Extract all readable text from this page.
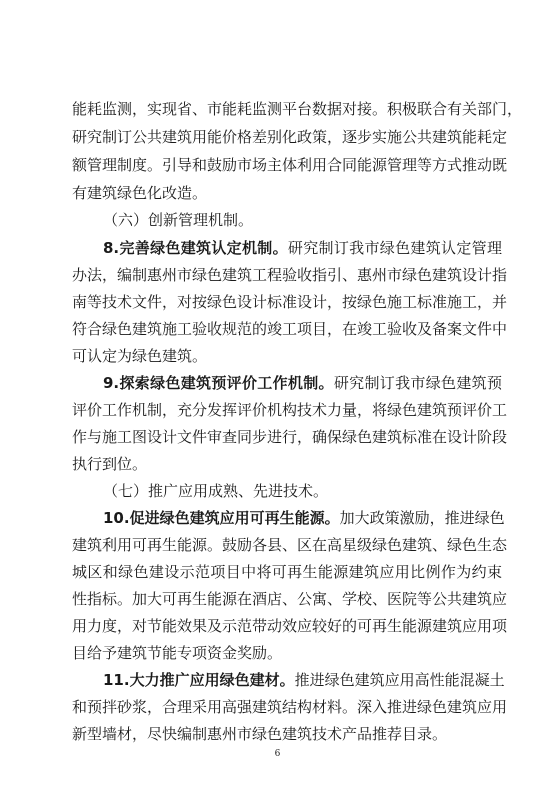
能耗监测，实现省、市能耗监测平台数据对接。积极联合有关部门，
研究制订公共建筑用能价格差别化政策，逐步实施公共建筑能耗定
额管理制度。引导和鼓励市场主体利用合同能源管理等方式推动既
有建筑绿色化改造。
（六）创新管理机制。
8.完善绿色建筑认定机制。研究制订我市绿色建筑认定管理
办法，编制惠州市绿色建筑工程验收指引、惠州市绿色建筑设计指
南等技术文件，对按绿色设计标准设计，按绿色施工标准施工，并
符合绿色建筑施工验收规范的竣工项目，在竣工验收及备案文件中
可认定为绿色建筑。
9.探索绿色建筑预评价工作机制。研究制订我市绿色建筑预
评价工作机制，充分发挥评价机构技术力量，将绿色建筑预评价工
作与施工图设计文件审查同步进行，确保绿色建筑标准在设计阶段
执行到位。
（七）推广应用成熟、先进技术。
10.促进绿色建筑应用可再生能源。加大政策激励，推进绿色
建筑利用可再生能源。鼓励各县、区在高星级绿色建筑、绿色生态
城区和绿色建设示范项目中将可再生能源建筑应用比例作为约束
性指标。加大可再生能源在酒店、公寓、学校、医院等公共建筑应
用力度，对节能效果及示范带动效应较好的可再生能源建筑应用项
目给予建筑节能专项资金奖励。
11.大力推广应用绿色建材。推进绿色建筑应用高性能混凝土
和预拌砂浆，合理采用高强建筑结构材料。深入推进绿色建筑应用
新型墙材，尽快编制惠州市绿色建筑技术产品推荐目录。
6
